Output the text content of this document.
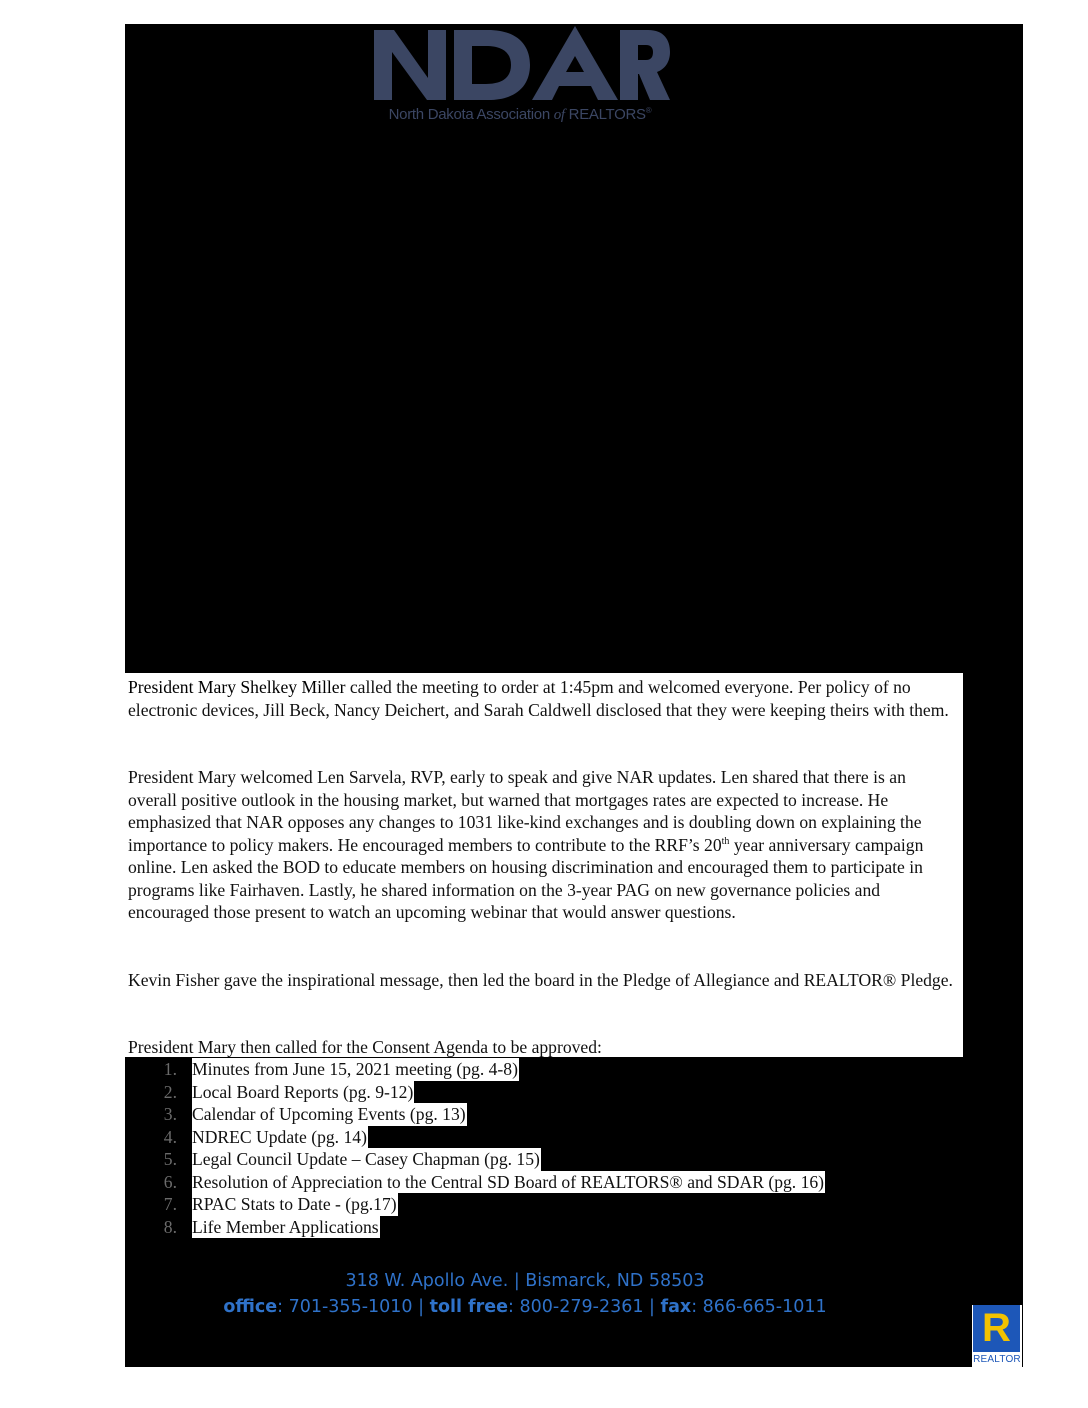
North Dakota Association of REALTORS®

President Mary Shelkey Miller called the meeting to order at 1:45pm and welcomed everyone. Per policy of no electronic devices, Jill Beck, Nancy Deichert, and Sarah Caldwell disclosed that they were keeping theirs with them.

President Mary welcomed Len Sarvela, RVP, early to speak and give NAR updates. Len shared that there is an overall positive outlook in the housing market, but warned that mortgages rates are expected to increase. He emphasized that NAR opposes any changes to 1031 like-kind exchanges and is doubling down on explaining the importance to policy makers. He encouraged members to contribute to the RRF’s 20th year anniversary campaign online. Len asked the BOD to educate members on housing discrimination and encouraged them to participate in programs like Fairhaven. Lastly, he shared information on the 3-year PAG on new governance policies and encouraged those present to watch an upcoming webinar that would answer questions.

Kevin Fisher gave the inspirational message, then led the board in the Pledge of Allegiance and REALTOR® Pledge.

President Mary then called for the Consent Agenda to be approved:

1. Minutes from June 15, 2021 meeting (pg. 4-8)
2. Local Board Reports (pg. 9-12)
3. Calendar of Upcoming Events (pg. 13)
4. NDREC Update (pg. 14)
5. Legal Council Update – Casey Chapman (pg. 15)
6. Resolution of Appreciation to the Central SD Board of REALTORS® and SDAR (pg. 16)
7. RPAC Stats to Date - (pg.17)
8. Life Member Applications
318 W. Apollo Ave. | Bismarck, ND 58503
office: 701-355-1010 | toll free: 800-279-2361 | fax: 866-665-1011	R
REALTOR
